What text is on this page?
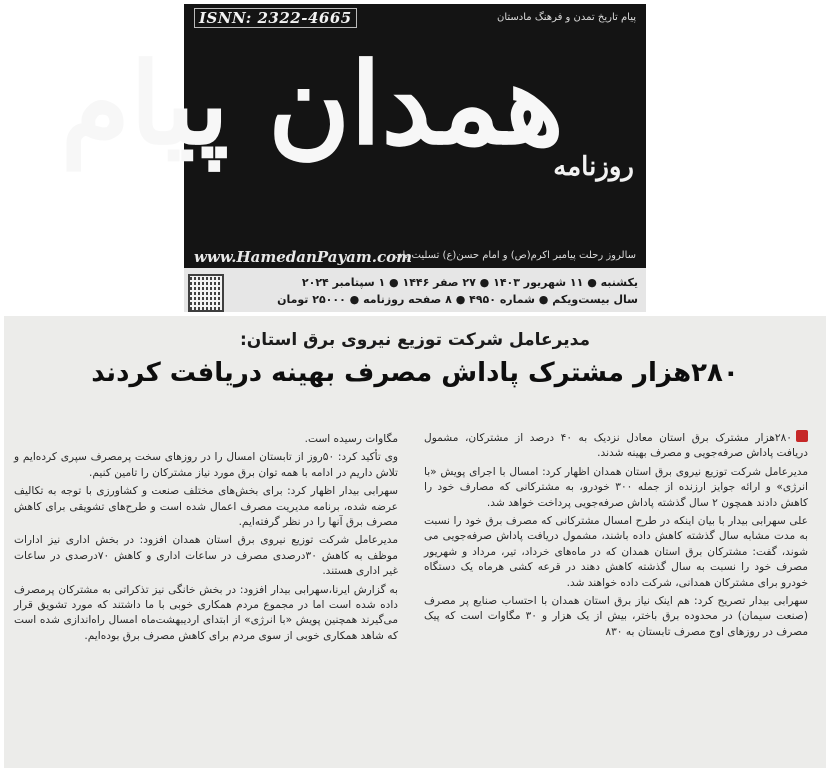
ISNN: 2322-4665	پیام تاریخ تمدن و فرهنگ مادستان
همدان پیام
روزنامه
www.HamedanPayam.com
سالروز رحلت پیامبر اکرم(ص) و امام حسن(ع) تسلیت باد.
یکشنبه ● ۱۱ شهریور ۱۴۰۳ ● ۲۷ صفر ۱۴۴۶ ● ۱ سپتامبر ۲۰۲۴
سال بیست‌ویکم ● شماره ۴۹۵۰ ● ۸ صفحه روزنامه ● ۲۵۰۰۰ تومان
مدیرعامل شرکت توزیع نیروی برق استان:
۲۸۰هزار مشترک پاداش مصرف بهینه دریافت کردند

۲۸۰هزار مشترک برق استان معادل نزدیک به ۴۰ درصد از مشترکان، مشمول دریافت پاداش صرفه‌جویی و مصرف بهینه شدند.

مدیرعامل شرکت توزیع نیروی برق استان همدان اظهار کرد: امسال با اجرای پویش «با انرژی» و ارائه جوایز ارزنده از جمله ۳۰۰ خودرو، به مشترکانی که مصارف خود را کاهش دادند همچون ۲ سال گذشته پاداش صرفه‌جویی پرداخت خواهد شد.

علی سهرابی بیدار با بیان اینکه در طرح امسال مشترکانی که مصرف برق خود را نسبت به مدت مشابه سال گذشته کاهش داده باشند، مشمول دریافت پاداش صرفه‌جویی می شوند، گفت: مشترکان برق استان همدان که در ماه‌های خرداد، تیر، مرداد و شهریور مصرف خود را نسبت به سال گذشته کاهش دهند در قرعه کشی هرماه یک دستگاه خودرو برای مشترکان همدانی، شرکت داده خواهند شد.

سهرابی بیدار تصریح کرد: هم اینک نیاز برق استان همدان با احتساب صنایع پر مصرف (صنعت سیمان) در محدوده برق باختر، بیش از یک هزار و ۳۰ مگاوات است که پیک مصرف در روزهای اوج مصرف تابستان به ۸۳۰

مگاوات رسیده است.

وی تأکید کرد: ۵۰روز از تابستان امسال را در روزهای سخت پرمصرف سپری کرده‌ایم و تلاش داریم در ادامه با همه توان برق مورد نیاز مشترکان را تامین کنیم.

سهرابی بیدار اظهار کرد: برای بخش‌های مختلف صنعت و کشاورزی با توجه به تکالیف عرضه شده، برنامه مدیریت مصرف اعمال شده است و طرح‌های تشویقی برای کاهش مصرف برق آنها را در نظر گرفته‌ایم.

مدیرعامل شرکت توزیع نیروی برق استان همدان افزود: در بخش اداری نیز ادارات موظف به کاهش ۳۰درصدی مصرف در ساعات اداری و کاهش ۷۰درصدی در ساعات غیر اداری هستند.

به گزارش ایرنا،سهرابی بیدار افزود: در بخش خانگی نیز تذکراتی به مشترکان پرمصرف داده شده است اما در مجموع مردم همکاری خوبی با ما داشتند که مورد تشویق قرار می‌گیرند همچنین پویش «با انرژی» از ابتدای اردیبهشت‌ماه امسال راه‌اندازی شده است که شاهد همکاری خوبی از سوی مردم برای کاهش مصرف برق بوده‌ایم.
